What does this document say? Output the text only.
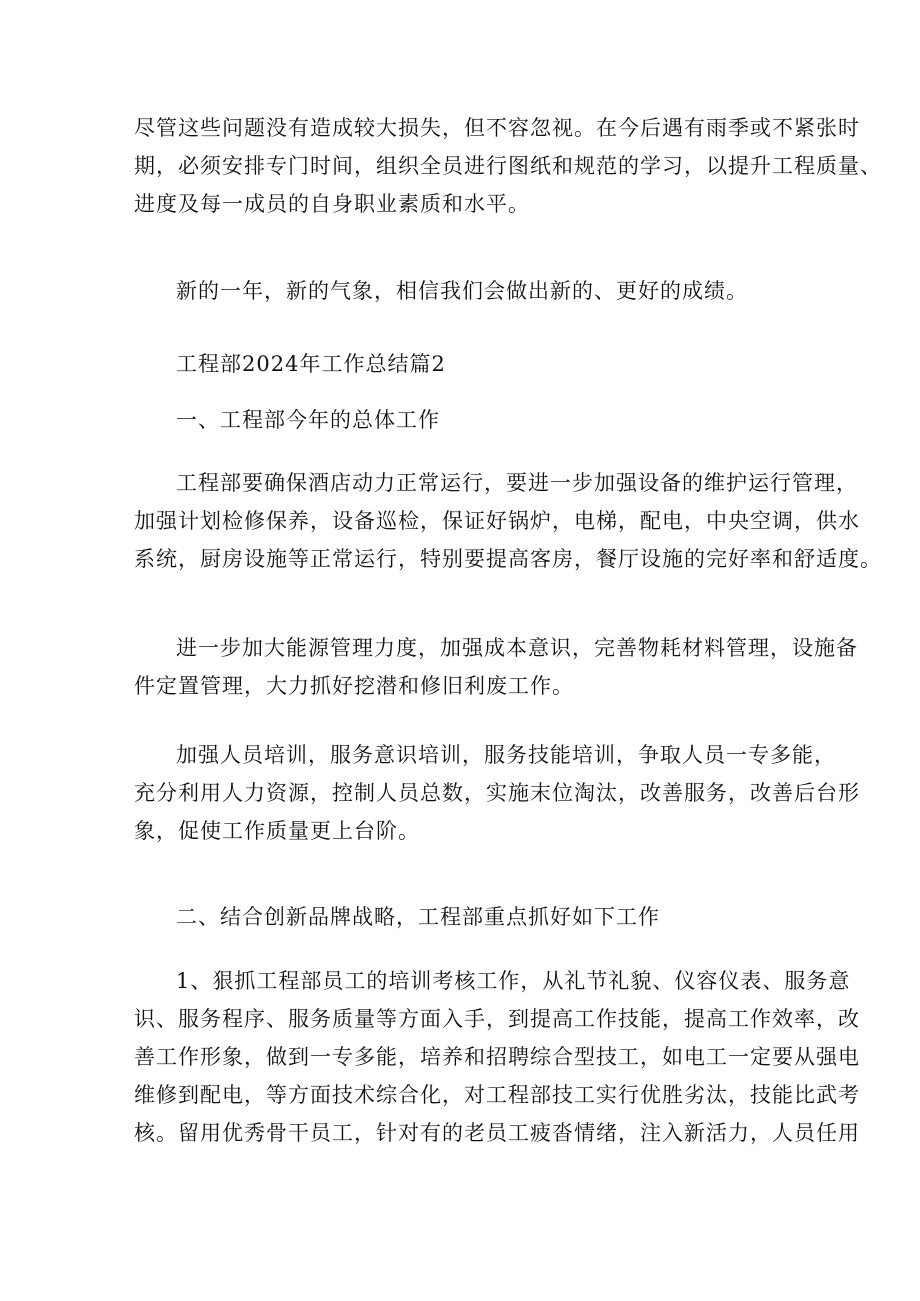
尽管这些问题没有造成较大损失，但不容忽视。在今后遇有雨季或不紧张时
期，必须安排专门时间，组织全员进行图纸和规范的学习，以提升工程质量、
进度及每一成员的自身职业素质和水平。

新的一年，新的气象，相信我们会做出新的、更好的成绩。

工程部2024年工作总结篇2

一、工程部今年的总体工作

工程部要确保酒店动力正常运行，要进一步加强设备的维护运行管理，
加强计划检修保养，设备巡检，保证好锅炉，电梯，配电，中央空调，供水
系统，厨房设施等正常运行，特别要提高客房，餐厅设施的完好率和舒适度。

进一步加大能源管理力度，加强成本意识，完善物耗材料管理，设施备
件定置管理，大力抓好挖潜和修旧利废工作。

加强人员培训，服务意识培训，服务技能培训，争取人员一专多能，
充分利用人力资源，控制人员总数，实施末位淘汰，改善服务，改善后台形
象，促使工作质量更上台阶。

二、结合创新品牌战略，工程部重点抓好如下工作

1、狠抓工程部员工的培训考核工作，从礼节礼貌、仪容仪表、服务意
识、服务程序、服务质量等方面入手，到提高工作技能，提高工作效率，改
善工作形象，做到一专多能，培养和招聘综合型技工，如电工一定要从强电
维修到配电，等方面技术综合化，对工程部技工实行优胜劣汰，技能比武考
核。留用优秀骨干员工，针对有的老员工疲沓情绪，注入新活力，人员任用
